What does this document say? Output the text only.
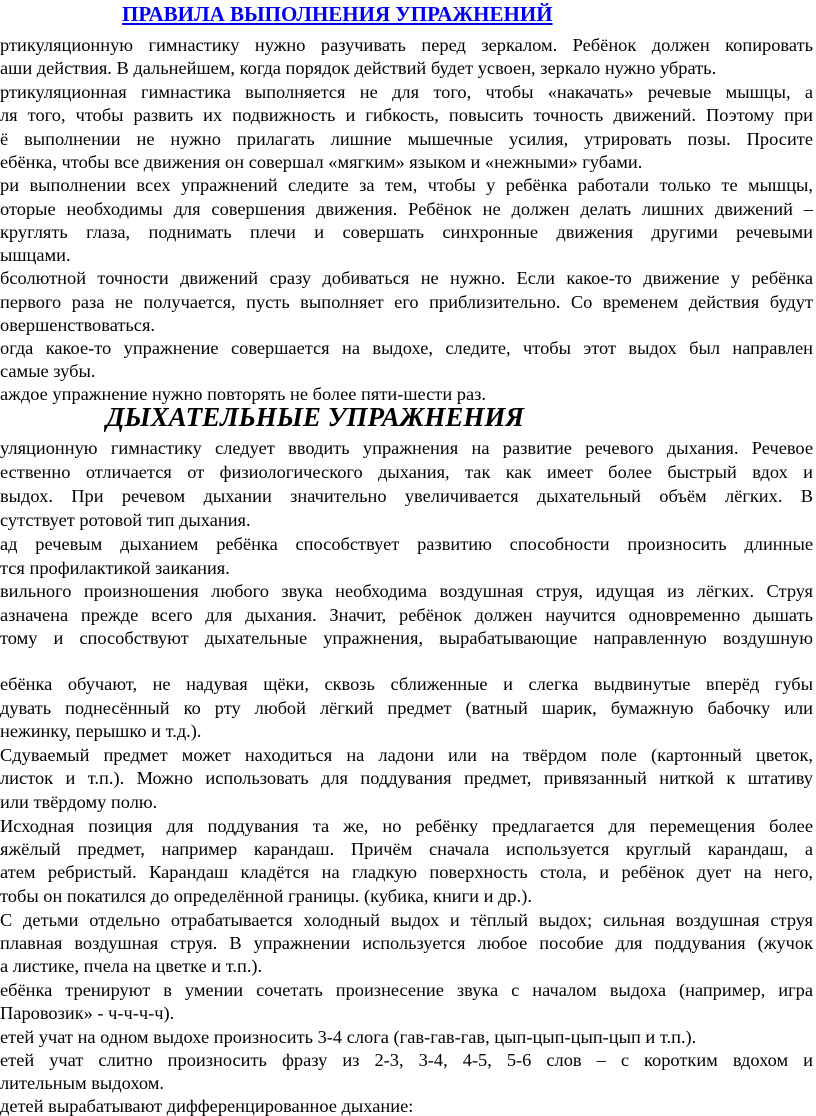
ПРАВИЛА ВЫПОЛНЕНИЯ УПРАЖНЕНИЙ
ртикуляционную гимнастику нужно разучивать перед зеркалом. Ребёнок должен копировать
аши действия. В дальнейшем, когда порядок действий будет усвоен, зеркало нужно убрать.
ртикуляционная гимнастика выполняется не для того, чтобы «накачать» речевые мышцы, а
ля того, чтобы развить их подвижность и гибкость, повысить точность движений. Поэтому при
ё выполнении не нужно прилагать лишние мышечные усилия, утрировать позы. Просите
ебёнка, чтобы все движения он совершал «мягким» языком и «нежными» губами.
ри выполнении всех упражнений следите за тем, чтобы у ребёнка работали только те мышцы,
оторые необходимы для совершения движения. Ребёнок не должен делать лишних движений –
круглять глаза, поднимать плечи и совершать синхронные движения другими речевыми
ышцами.
бсолютной точности движений сразу добиваться не нужно. Если какое-то движение у ребёнка
первого раза не получается, пусть выполняет его приблизительно. Со временем действия будут
овершенствоваться.
огда какое-то упражнение совершается на выдохе, следите, чтобы этот выдох был направлен
самые зубы.
аждое упражнение нужно повторять не более пяти-шести раз.
ДЫХАТЕЛЬНЫЕ УПРАЖНЕНИЯ
уляционную гимнастику следует вводить упражнения на развитие речевого дыхания. Речевое
ественно отличается от физиологического дыхания, так как имеет более быстрый вдох и
выдох. При речевом дыхании значительно увеличивается дыхательный объём лёгких. В
сутствует ротовой тип дыхания.
ад речевым дыханием ребёнка способствует развитию способности произносить длинные
тся профилактикой заикания.
вильного произношения любого звука необходима воздушная струя, идущая из лёгких. Струя
азначена прежде всего для дыхания. Значит, ребёнок должен научится одновременно дышать
тому и способствуют дыхательные упражнения, вырабатывающие направленную воздушную
ебёнка обучают, не надувая щёки, сквозь сближенные и слегка выдвинутые вперёд губы
дувать поднесённый ко рту любой лёгкий предмет (ватный шарик, бумажную бабочку или
нежинку, перышко и т.д.).
Сдуваемый предмет может находиться на ладони или на твёрдом поле (картонный цветок,
листок и т.п.). Можно использовать для поддувания предмет, привязанный ниткой к штативу
или твёрдому полю.
Исходная позиция для поддувания та же, но ребёнку предлагается для перемещения более
яжёлый предмет, например карандаш. Причём сначала используется круглый карандаш, а
атем ребристый. Карандаш кладётся на гладкую поверхность стола, и ребёнок дует на него,
тобы он покатился до определённой границы. (кубика, книги и др.).
С детьми отдельно отрабатывается холодный выдох и тёплый выдох; сильная воздушная струя
плавная воздушная струя. В упражнении используется любое пособие для поддувания (жучок
а листике, пчела на цветке и т.п.).
ебёнка тренируют в умении сочетать произнесение звука с началом выдоха (например, игра
Паровозик» - ч-ч-ч-ч).
етей учат на одном выдохе произносить 3-4 слога (гав-гав-гав, цып-цып-цып-цып и т.п.).
етей учат слитно произносить фразу из 2-3, 3-4, 4-5, 5-6 слов – с коротким вдохом и
лительным выдохом.
детей вырабатывают дифференцированное дыхание:
